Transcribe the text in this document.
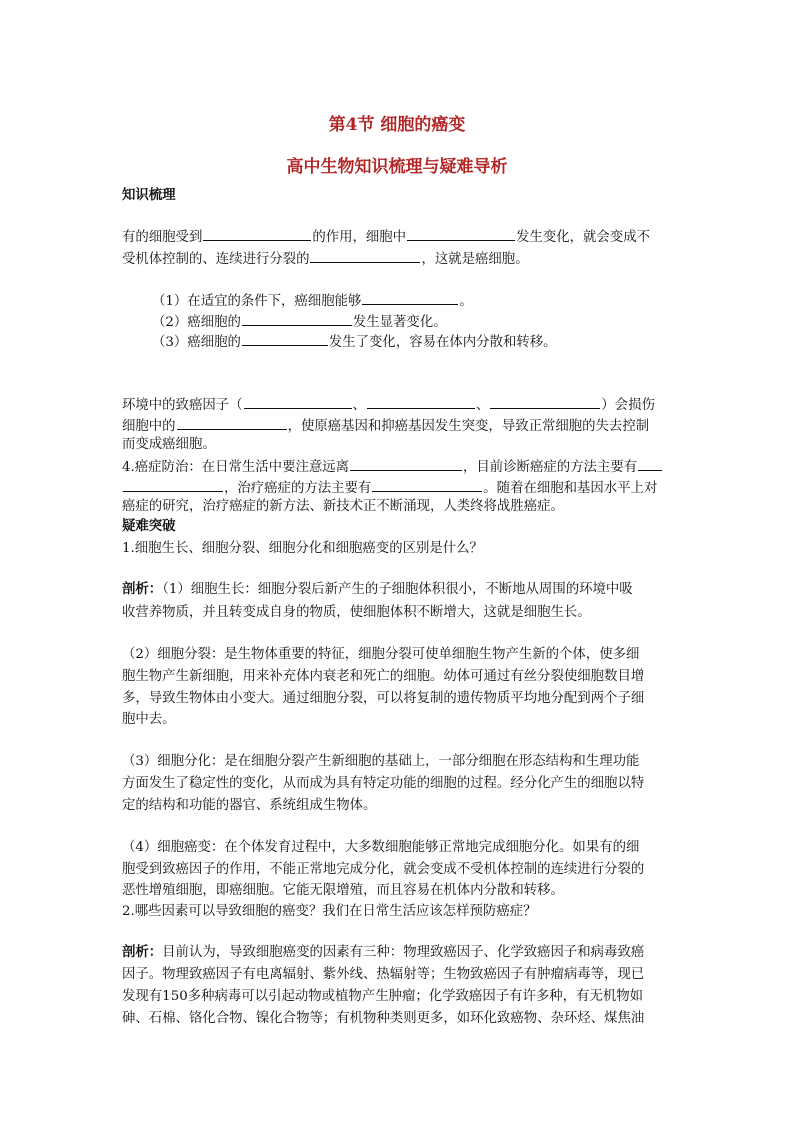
第4节 细胞的癌变
高中生物知识梳理与疑难导析
知识梳理
有的细胞受到	的作用，细胞中	发生变化，就会变成不
受机体控制的、连续进行分裂的	，这就是癌细胞。
（1）在适宜的条件下，癌细胞能够	。
（2）癌细胞的	发生显著变化。
（3）癌细胞的	发生了变化，容易在体内分散和转移。
环境中的致癌因子（	、	、	）会损伤
细胞中的	，使原癌基因和抑癌基因发生突变，导致正常细胞的失去控制
而变成癌细胞。
4.癌症防治：在日常生活中要注意远离	，目前诊断癌症的方法主要有
，治疗癌症的方法主要有	。随着在细胞和基因水平上对
癌症的研究，治疗癌症的新方法、新技术正不断涌现，人类终将战胜癌症。
疑难突破
1.细胞生长、细胞分裂、细胞分化和细胞癌变的区别是什么？
剖析：（1）细胞生长：细胞分裂后新产生的子细胞体积很小，不断地从周围的环境中吸
收营养物质，并且转变成自身的物质，使细胞体积不断增大，这就是细胞生长。
（2）细胞分裂：是生物体重要的特征，细胞分裂可使单细胞生物产生新的个体，使多细
胞生物产生新细胞，用来补充体内衰老和死亡的细胞。幼体可通过有丝分裂使细胞数目增
多，导致生物体由小变大。通过细胞分裂，可以将复制的遗传物质平均地分配到两个子细
胞中去。
（3）细胞分化：是在细胞分裂产生新细胞的基础上，一部分细胞在形态结构和生理功能
方面发生了稳定性的变化，从而成为具有特定功能的细胞的过程。经分化产生的细胞以特
定的结构和功能的器官、系统组成生物体。
（4）细胞癌变：在个体发育过程中，大多数细胞能够正常地完成细胞分化。如果有的细
胞受到致癌因子的作用，不能正常地完成分化，就会变成不受机体控制的连续进行分裂的
恶性增殖细胞，即癌细胞。它能无限增殖，而且容易在机体内分散和转移。
2.哪些因素可以导致细胞的癌变？我们在日常生活应该怎样预防癌症？
剖析：目前认为，导致细胞癌变的因素有三种：物理致癌因子、化学致癌因子和病毒致癌
因子。物理致癌因子有电离辐射、紫外线、热辐射等；生物致癌因子有肿瘤病毒等，现已
发现有150多种病毒可以引起动物或植物产生肿瘤；化学致癌因子有许多种，有无机物如
砷、石棉、铬化合物、镍化合物等；有机物种类则更多，如环化致癌物、杂环烃、煤焦油
